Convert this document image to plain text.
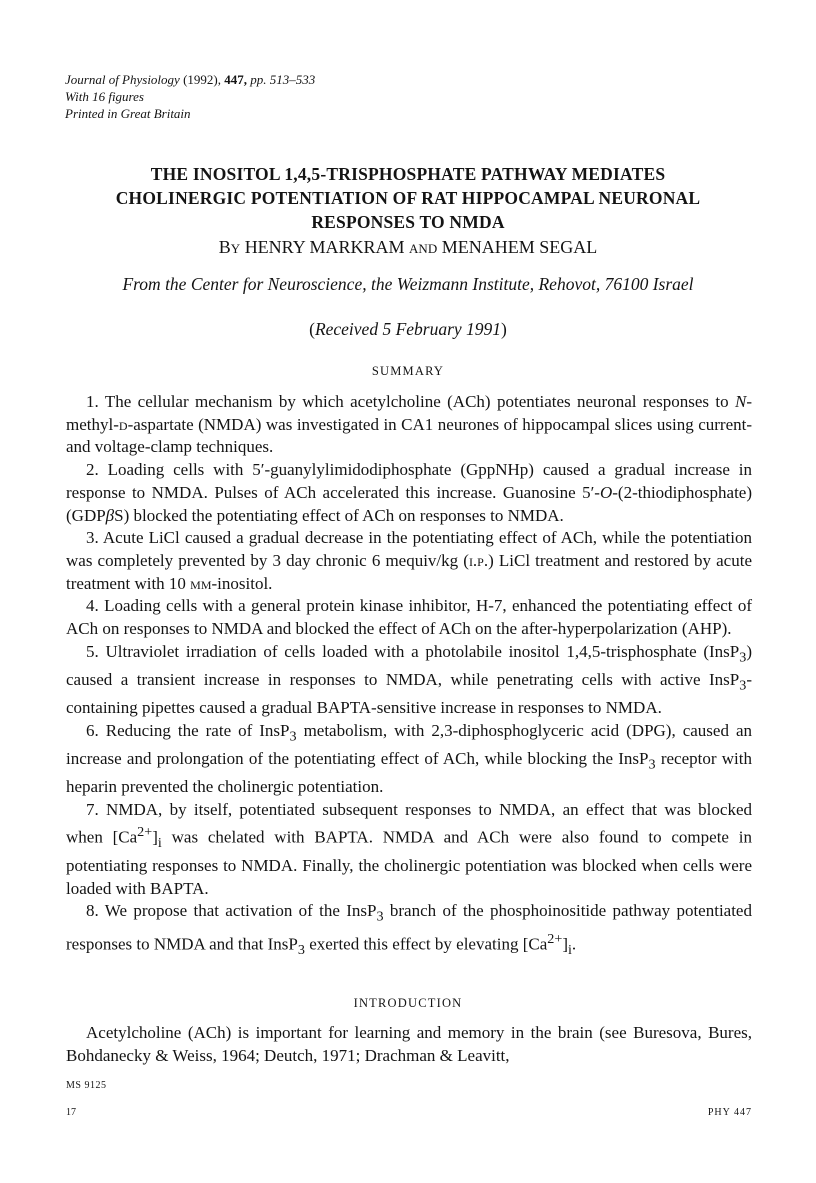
Journal of Physiology (1992), 447, pp. 513–533
With 16 figures
Printed in Great Britain
THE INOSITOL 1,4,5-TRISPHOSPHATE PATHWAY MEDIATES
CHOLINERGIC POTENTIATION OF RAT HIPPOCAMPAL NEURONAL
RESPONSES TO NMDA
By HENRY MARKRAM and MENAHEM SEGAL
From the Center for Neuroscience, the Weizmann Institute, Rehovot, 76100 Israel
(Received 5 February 1991)
SUMMARY

1. The cellular mechanism by which acetylcholine (ACh) potentiates neuronal responses to N-methyl-d-aspartate (NMDA) was investigated in CA1 neurones of hippocampal slices using current- and voltage-clamp techniques.

2. Loading cells with 5′-guanylylimidodiphosphate (GppNHp) caused a gradual increase in response to NMDA. Pulses of ACh accelerated this increase. Guanosine 5′-O-(2-thiodiphosphate) (GDPβS) blocked the potentiating effect of ACh on responses to NMDA.

3. Acute LiCl caused a gradual decrease in the potentiating effect of ACh, while the potentiation was completely prevented by 3 day chronic 6 mequiv/kg (i.p.) LiCl treatment and restored by acute treatment with 10 mm-inositol.

4. Loading cells with a general protein kinase inhibitor, H-7, enhanced the potentiating effect of ACh on responses to NMDA and blocked the effect of ACh on the after-hyperpolarization (AHP).

5. Ultraviolet irradiation of cells loaded with a photolabile inositol 1,4,5-trisphosphate (InsP$_3$) caused a transient increase in responses to NMDA, while penetrating cells with active InsP$_3$-containing pipettes caused a gradual BAPTA-sensitive increase in responses to NMDA.

6. Reducing the rate of InsP$_3$ metabolism, with 2,3-diphosphoglyceric acid (DPG), caused an increase and prolongation of the potentiating effect of ACh, while blocking the InsP$_3$ receptor with heparin prevented the cholinergic potentiation.

7. NMDA, by itself, potentiated subsequent responses to NMDA, an effect that was blocked when $[Ca^{2+}]_i$ was chelated with BAPTA. NMDA and ACh were also found to compete in potentiating responses to NMDA. Finally, the cholinergic potentiation was blocked when cells were loaded with BAPTA.

8. We propose that activation of the InsP$_3$ branch of the phosphoinositide pathway potentiated responses to NMDA and that InsP$_3$ exerted this effect by elevating $[Ca^{2+}]_i$.

INTRODUCTION

Acetylcholine (ACh) is important for learning and memory in the brain (see Buresova, Bures, Bohdanecky & Weiss, 1964; Deutch, 1971; Drachman & Leavitt,

MS 9125
17	PHY 447
